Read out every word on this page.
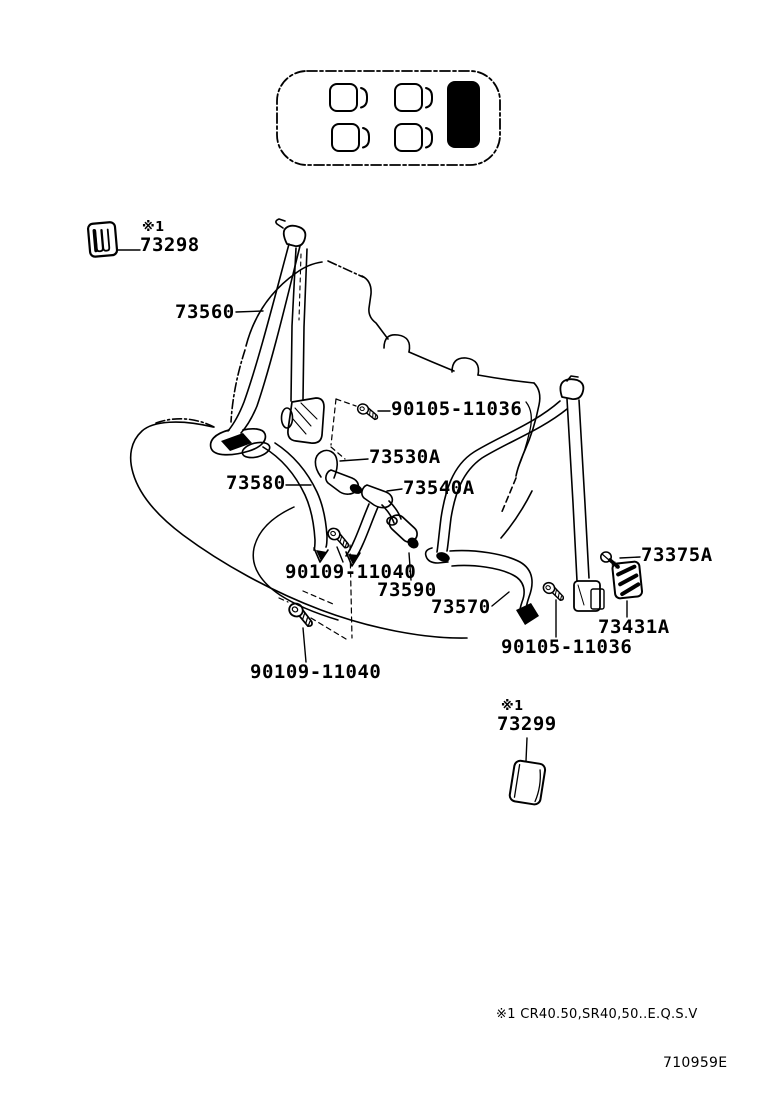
※1
73298
73560
90105-11036
73530A
73580	73540A
90109-11040
73590
73570
73375A
73431A
90105-11036
90109-11040
※1
73299
※1 CR40.50,SR40,50..E.Q.S.V
710959E
